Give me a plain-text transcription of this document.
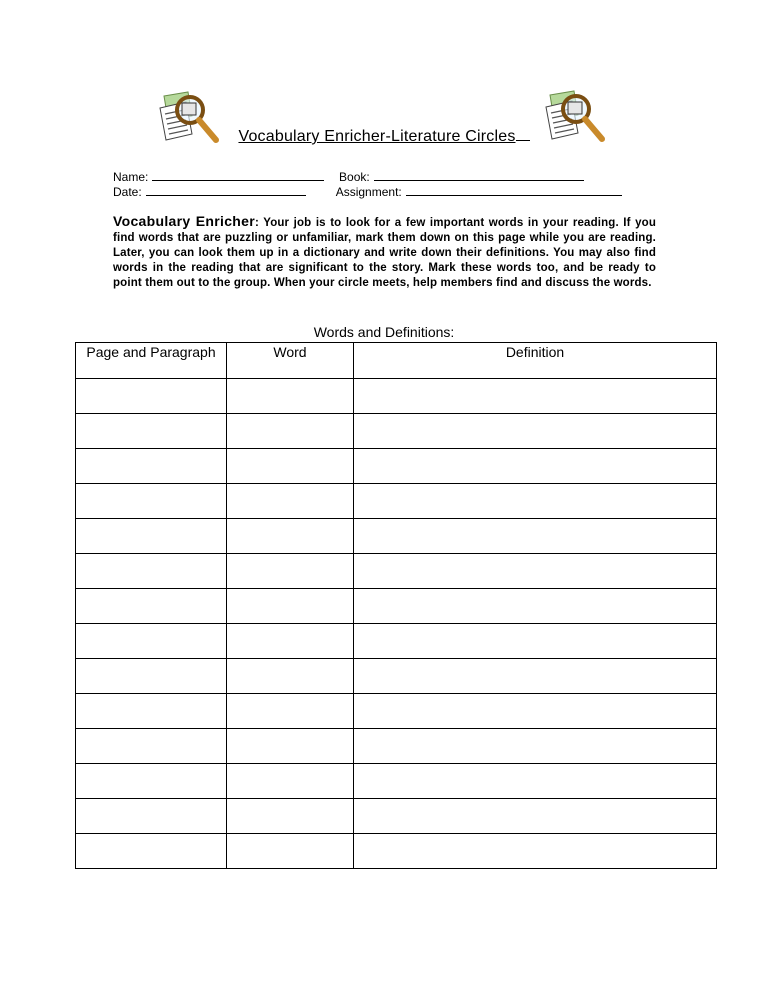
Vocabulary Enricher-Literature Circles
Name:	Book:
Date:	Assignment:
Vocabulary Enricher: Your job is to look for a few important words in your reading. If you find words that are puzzling or unfamiliar, mark them down on this page while you are reading. Later, you can look them up in a dictionary and write down their definitions. You may also find words in the reading that are significant to the story. Mark these words too, and be ready to point them out to the group. When your circle meets, help members find and discuss the words.
Words and Definitions:
Page and Paragraph	Word	Definition
